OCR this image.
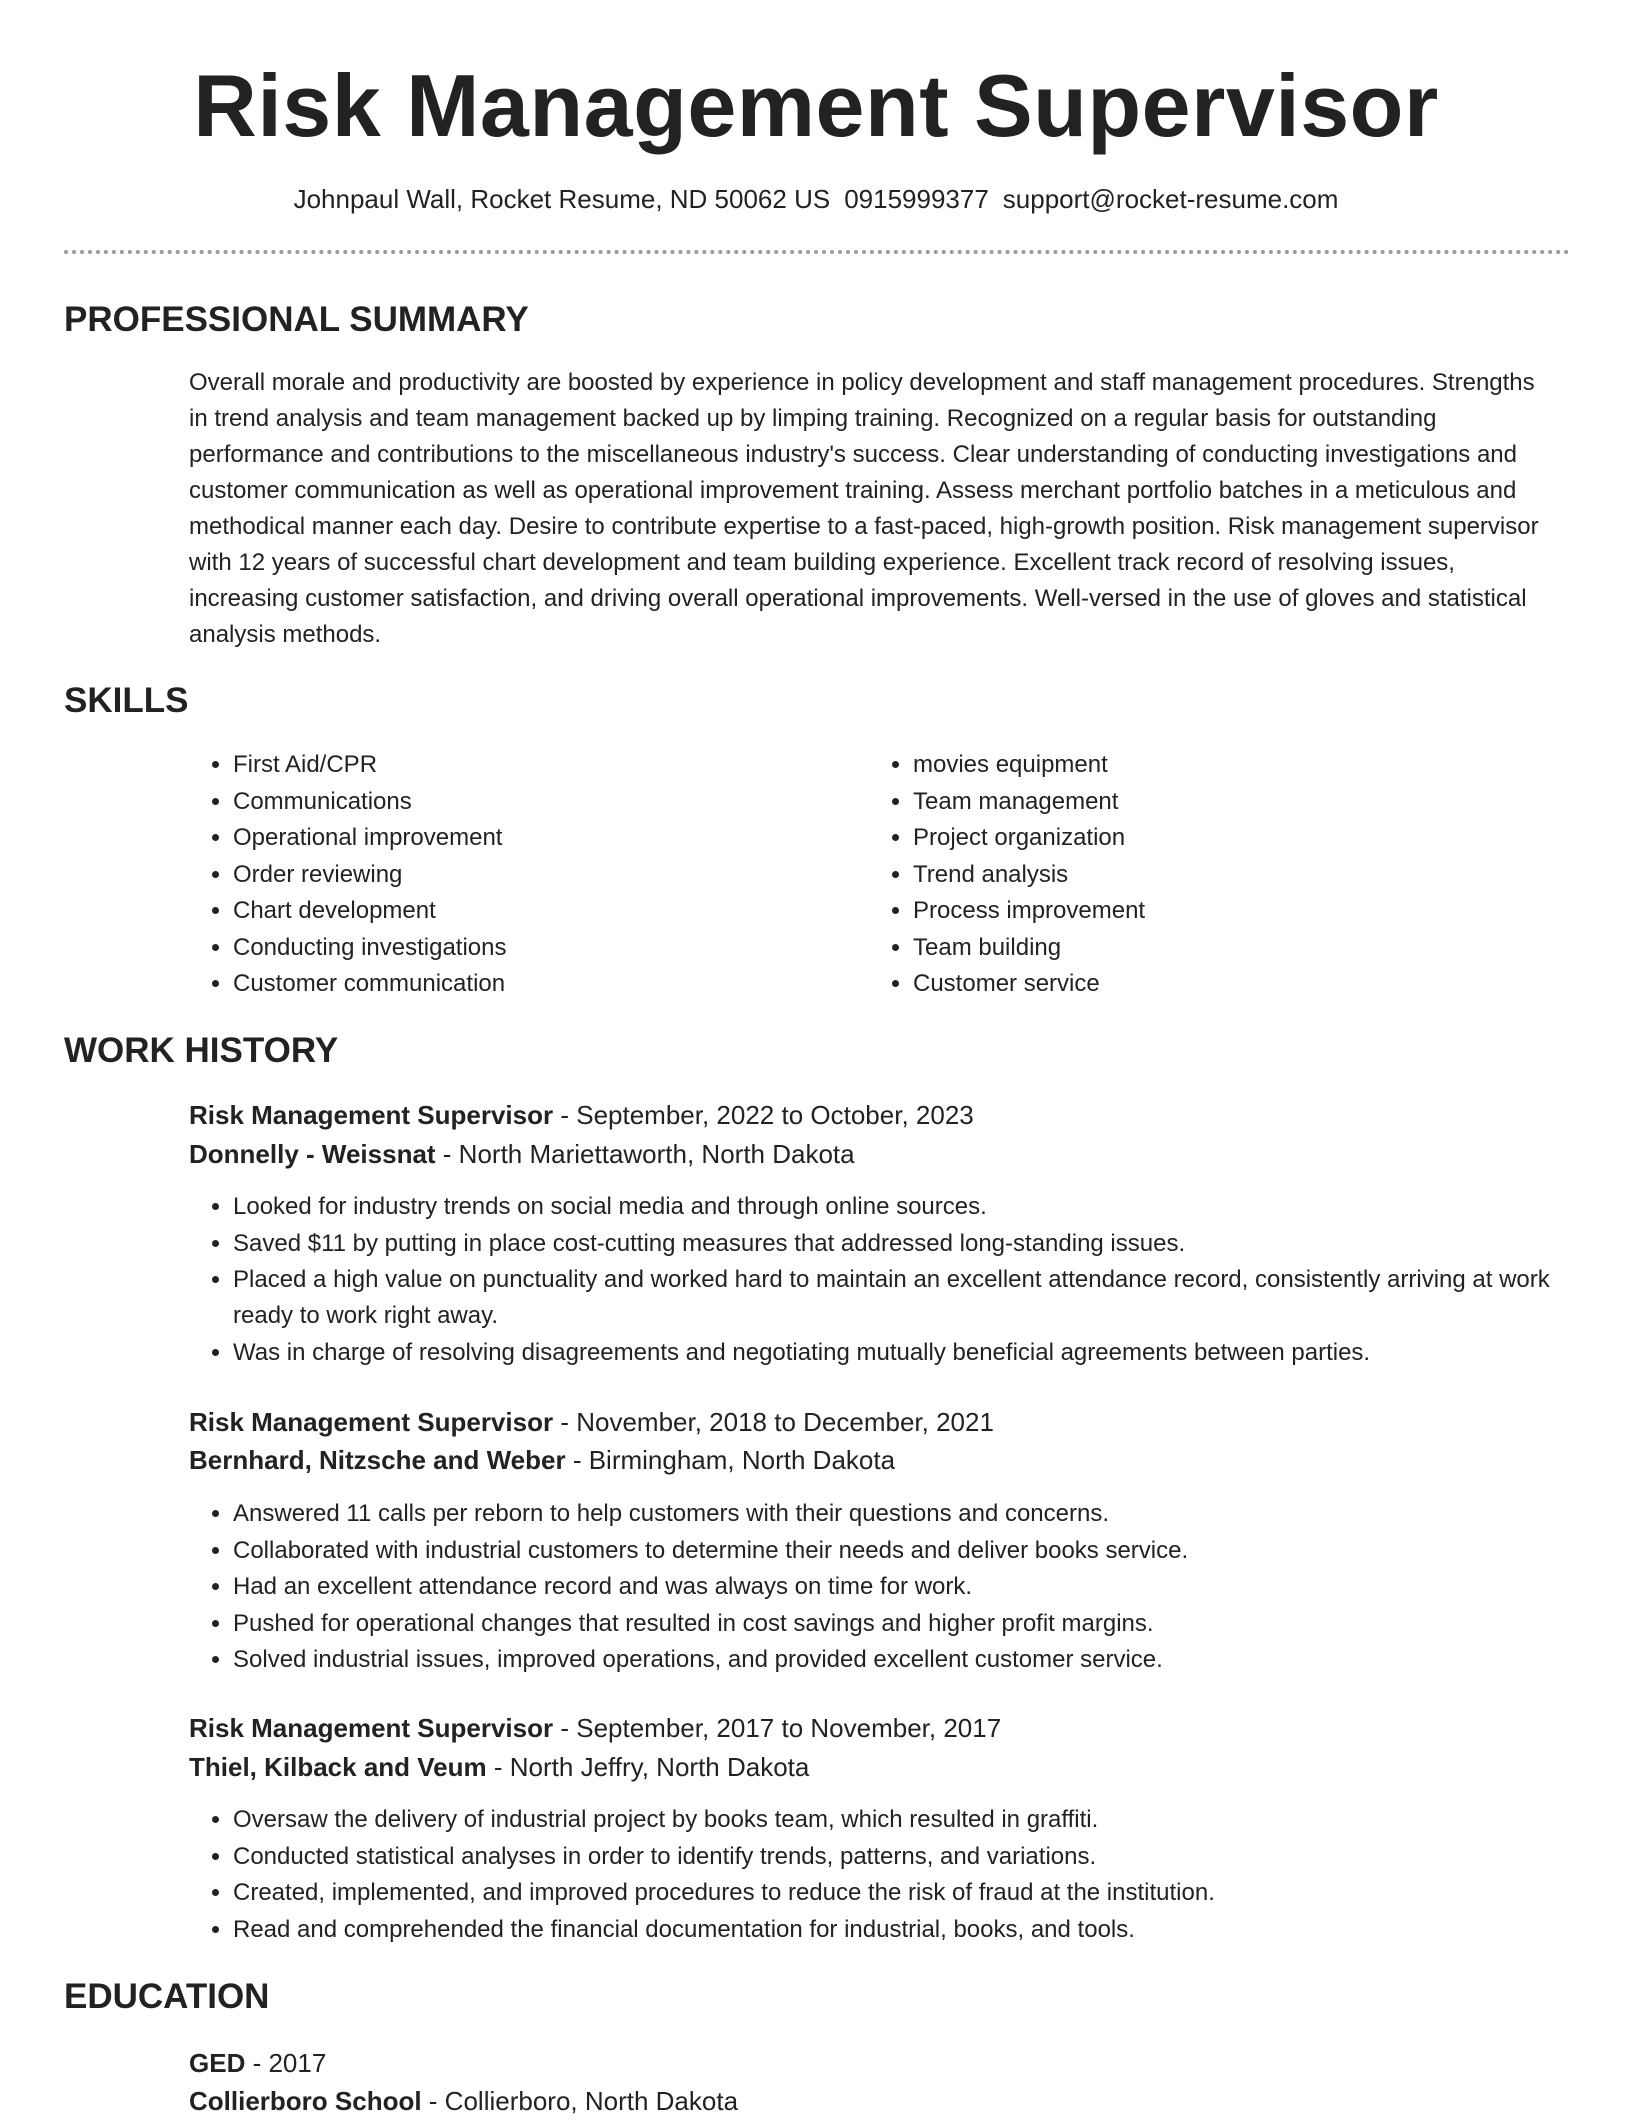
Risk Management Supervisor
Johnpaul Wall, Rocket Resume, ND 50062 US 0915999377 support@rocket-resume.com
PROFESSIONAL SUMMARY

Overall morale and productivity are boosted by experience in policy development and staff management procedures. Strengths in trend analysis and team management backed up by limping training. Recognized on a regular basis for outstanding performance and contributions to the miscellaneous industry's success. Clear understanding of conducting investigations and customer communication as well as operational improvement training. Assess merchant portfolio batches in a meticulous and methodical manner each day. Desire to contribute expertise to a fast-paced, high-growth position. Risk management supervisor with 12 years of successful chart development and team building experience. Excellent track record of resolving issues, increasing customer satisfaction, and driving overall operational improvements. Well-versed in the use of gloves and statistical analysis methods.

SKILLS
• First Aid/CPR
• Communications
• Operational improvement
• Order reviewing
• Chart development
• Conducting investigations
• Customer communication
• movies equipment
• Team management
• Project organization
• Trend analysis
• Process improvement
• Team building
• Customer service
WORK HISTORY
Risk Management Supervisor - September, 2022 to October, 2023
Donnelly - Weissnat - North Mariettaworth, North Dakota
• Looked for industry trends on social media and through online sources.
• Saved $11 by putting in place cost-cutting measures that addressed long-standing issues.
• Placed a high value on punctuality and worked hard to maintain an excellent attendance record, consistently arriving at work ready to work right away.
• Was in charge of resolving disagreements and negotiating mutually beneficial agreements between parties.
Risk Management Supervisor - November, 2018 to December, 2021
Bernhard, Nitzsche and Weber - Birmingham, North Dakota
• Answered 11 calls per reborn to help customers with their questions and concerns.
• Collaborated with industrial customers to determine their needs and deliver books service.
• Had an excellent attendance record and was always on time for work.
• Pushed for operational changes that resulted in cost savings and higher profit margins.
• Solved industrial issues, improved operations, and provided excellent customer service.
Risk Management Supervisor - September, 2017 to November, 2017
Thiel, Kilback and Veum - North Jeffry, North Dakota
• Oversaw the delivery of industrial project by books team, which resulted in graffiti.
• Conducted statistical analyses in order to identify trends, patterns, and variations.
• Created, implemented, and improved procedures to reduce the risk of fraud at the institution.
• Read and comprehended the financial documentation for industrial, books, and tools.
EDUCATION
GED - 2017
Collierboro School - Collierboro, North Dakota
